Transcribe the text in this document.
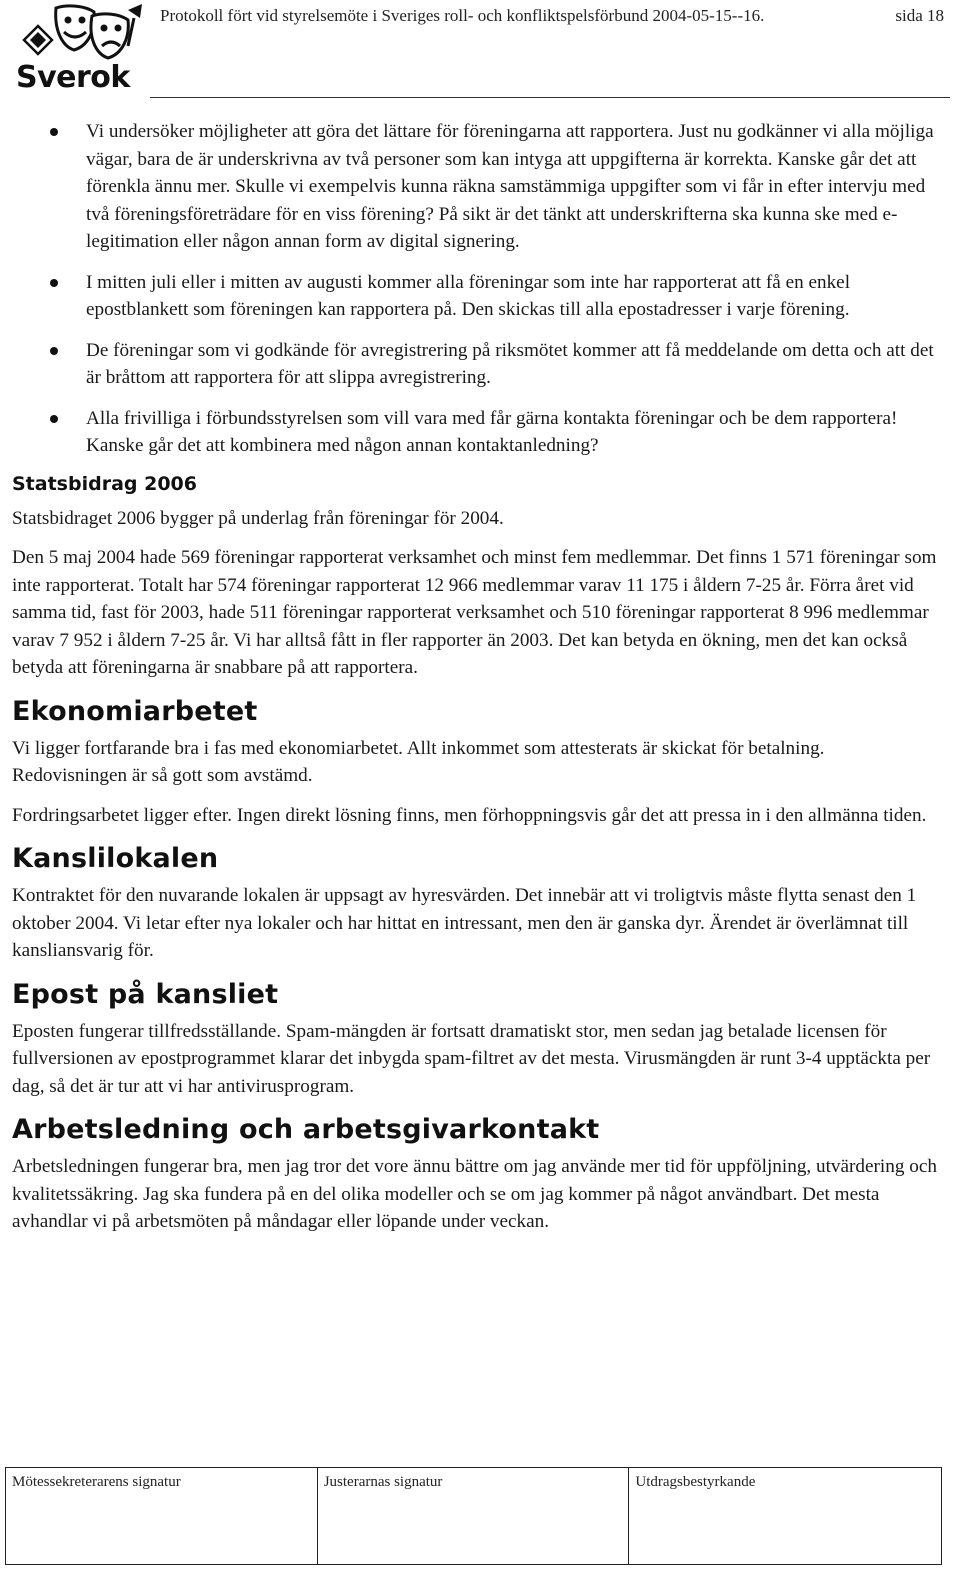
Sverok
Protokoll fört vid styrelsemöte i Sveriges roll- och konfliktspelsförbund 2004-05-15--16.	sida 18
Vi undersöker möjligheter att göra det lättare för föreningarna att rapportera. Just nu godkänner vi alla möjliga vägar, bara de är underskrivna av två personer som kan intyga att uppgifterna är korrekta. Kanske går det att förenkla ännu mer. Skulle vi exempelvis kunna räkna samstämmiga uppgifter som vi får in efter intervju med två föreningsföreträdare för en viss förening? På sikt är det tänkt att underskrifterna ska kunna ske med e-legitimation eller någon annan form av digital signering.
I mitten juli eller i mitten av augusti kommer alla föreningar som inte har rapporterat att få en enkel epostblankett som föreningen kan rapportera på. Den skickas till alla epostadresser i varje förening.
De föreningar som vi godkände för avregistrering på riksmötet kommer att få meddelande om detta och att det är bråttom att rapportera för att slippa avregistrering.
Alla frivilliga i förbundsstyrelsen som vill vara med får gärna kontakta föreningar och be dem rapportera! Kanske går det att kombinera med någon annan kontaktanledning?
Statsbidrag 2006

Statsbidraget 2006 bygger på underlag från föreningar för 2004.

Den 5 maj 2004 hade 569 föreningar rapporterat verksamhet och minst fem medlemmar. Det finns 1 571 föreningar som inte rapporterat. Totalt har 574 föreningar rapporterat 12 966 medlemmar varav 11 175 i åldern 7-25 år. Förra året vid samma tid, fast för 2003, hade 511 föreningar rapporterat verksamhet och 510 föreningar rapporterat 8 996 medlemmar varav 7 952 i åldern 7-25 år. Vi har alltså fått in fler rapporter än 2003. Det kan betyda en ökning, men det kan också betyda att föreningarna är snabbare på att rapportera.

Ekonomiarbetet

Vi ligger fortfarande bra i fas med ekonomiarbetet. Allt inkommet som attesterats är skickat för betalning. Redovisningen är så gott som avstämd.

Fordringsarbetet ligger efter. Ingen direkt lösning finns, men förhoppningsvis går det att pressa in i den allmänna tiden.

Kanslilokalen

Kontraktet för den nuvarande lokalen är uppsagt av hyresvärden. Det innebär att vi troligtvis måste flytta senast den 1 oktober 2004. Vi letar efter nya lokaler och har hittat en intressant, men den är ganska dyr. Ärendet är överlämnat till kansliansvarig för.

Epost på kansliet

Eposten fungerar tillfredsställande. Spam-mängden är fortsatt dramatiskt stor, men sedan jag betalade licensen för fullversionen av epostprogrammet klarar det inbygda spam-filtret av det mesta. Virusmängden är runt 3-4 upptäckta per dag, så det är tur att vi har antivirusprogram.

Arbetsledning och arbetsgivarkontakt

Arbetsledningen fungerar bra, men jag tror det vore ännu bättre om jag använde mer tid för uppföljning, utvärdering och kvalitetssäkring. Jag ska fundera på en del olika modeller och se om jag kommer på något användbart. Det mesta avhandlar vi på arbetsmöten på måndagar eller löpande under veckan.

Mötessekreterarens signatur	Justerarnas signatur	Utdragsbestyrkande
